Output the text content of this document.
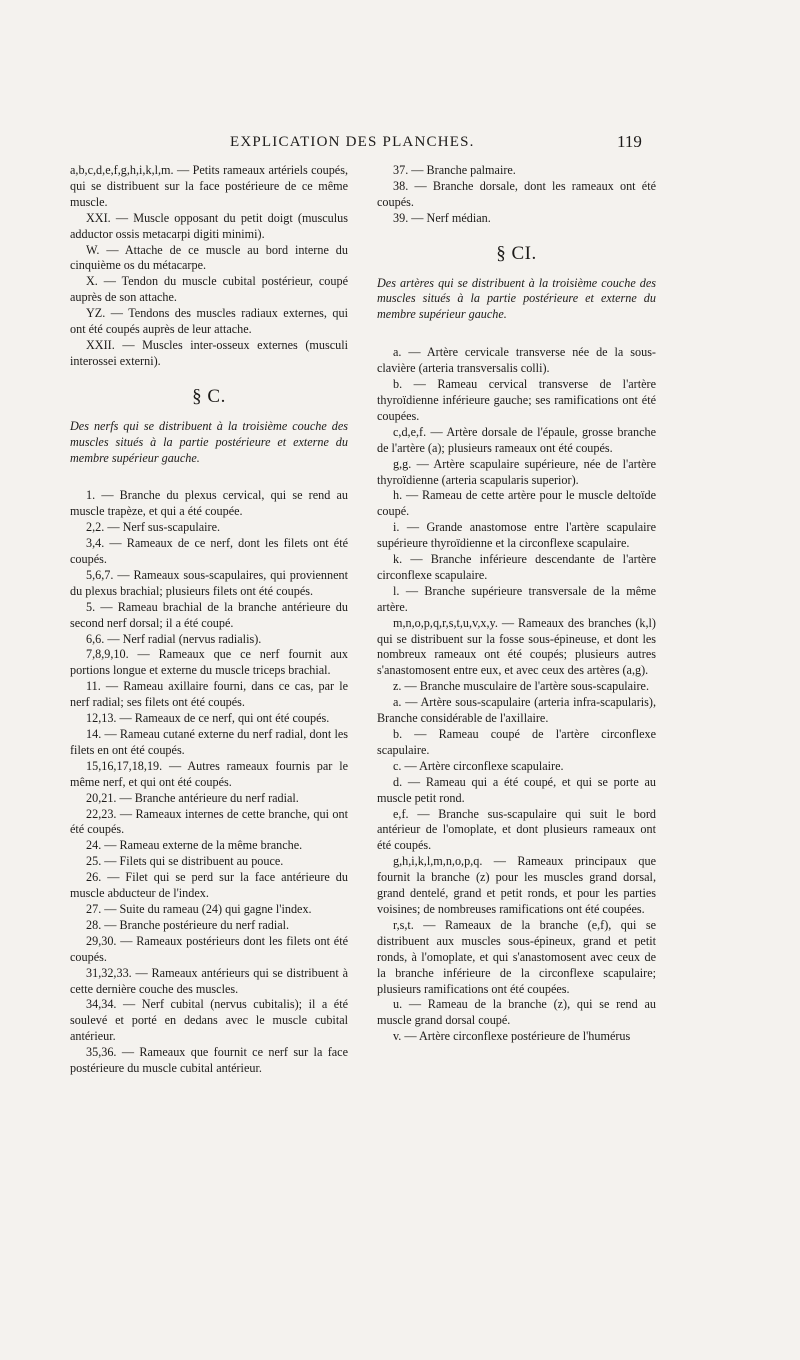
EXPLICATION DES PLANCHES.	119

a,b,c,d,e,f,g,h,i,k,l,m. — Petits rameaux artériels coupés, qui se distribuent sur la face postérieure de ce même muscle.

XXI. — Muscle opposant du petit doigt (musculus adductor ossis metacarpi digiti minimi).

W. — Attache de ce muscle au bord interne du cinquième os du métacarpe.

X. — Tendon du muscle cubital postérieur, coupé auprès de son attache.

YZ. — Tendons des muscles radiaux externes, qui ont été coupés auprès de leur attache.

XXII. — Muscles inter-osseux externes (musculi interossei externi).

§ C.

Des nerfs qui se distribuent à la troisième couche des muscles situés à la partie postérieure et externe du membre supérieur gauche.

1. — Branche du plexus cervical, qui se rend au muscle trapèze, et qui a été coupée.

2,2. — Nerf sus-scapulaire.

3,4. — Rameaux de ce nerf, dont les filets ont été coupés.

5,6,7. — Rameaux sous-scapulaires, qui proviennent du plexus brachial; plusieurs filets ont été coupés.

5. — Rameau brachial de la branche antérieure du second nerf dorsal; il a été coupé.

6,6. — Nerf radial (nervus radialis).

7,8,9,10. — Rameaux que ce nerf fournit aux portions longue et externe du muscle triceps brachial.

11. — Rameau axillaire fourni, dans ce cas, par le nerf radial; ses filets ont été coupés.

12,13. — Rameaux de ce nerf, qui ont été coupés.

14. — Rameau cutané externe du nerf radial, dont les filets en ont été coupés.

15,16,17,18,19. — Autres rameaux fournis par le même nerf, et qui ont été coupés.

20,21. — Branche antérieure du nerf radial.

22,23. — Rameaux internes de cette branche, qui ont été coupés.

24. — Rameau externe de la même branche.

25. — Filets qui se distribuent au pouce.

26. — Filet qui se perd sur la face antérieure du muscle abducteur de l'index.

27. — Suite du rameau (24) qui gagne l'index.

28. — Branche postérieure du nerf radial.

29,30. — Rameaux postérieurs dont les filets ont été coupés.

31,32,33. — Rameaux antérieurs qui se distribuent à cette dernière couche des muscles.

34,34. — Nerf cubital (nervus cubitalis); il a été soulevé et porté en dedans avec le muscle cubital antérieur.

35,36. — Rameaux que fournit ce nerf sur la face postérieure du muscle cubital antérieur.

37. — Branche palmaire.

38. — Branche dorsale, dont les rameaux ont été coupés.

39. — Nerf médian.

§ CI.

Des artères qui se distribuent à la troisième couche des muscles situés à la partie postérieure et externe du membre supérieur gauche.

a. — Artère cervicale transverse née de la sous-clavière (arteria transversalis colli).

b. — Rameau cervical transverse de l'artère thyroïdienne inférieure gauche; ses ramifications ont été coupées.

c,d,e,f. — Artère dorsale de l'épaule, grosse branche de l'artère (a); plusieurs rameaux ont été coupés.

g,g. — Artère scapulaire supérieure, née de l'artère thyroïdienne (arteria scapularis superior).

h. — Rameau de cette artère pour le muscle deltoïde coupé.

i. — Grande anastomose entre l'artère scapulaire supérieure thyroïdienne et la circonflexe scapulaire.

k. — Branche inférieure descendante de l'artère circonflexe scapulaire.

l. — Branche supérieure transversale de la même artère.

m,n,o,p,q,r,s,t,u,v,x,y. — Rameaux des branches (k,l) qui se distribuent sur la fosse sous-épineuse, et dont les nombreux rameaux ont été coupés; plusieurs autres s'anastomosent entre eux, et avec ceux des artères (a,g).

z. — Branche musculaire de l'artère sous-scapulaire.

a. — Artère sous-scapulaire (arteria infra-scapularis), Branche considérable de l'axillaire.

b. — Rameau coupé de l'artère circonflexe scapulaire.

c. — Artère circonflexe scapulaire.

d. — Rameau qui a été coupé, et qui se porte au muscle petit rond.

e,f. — Branche sus-scapulaire qui suit le bord antérieur de l'omoplate, et dont plusieurs rameaux ont été coupés.

g,h,i,k,l,m,n,o,p,q. — Rameaux principaux que fournit la branche (z) pour les muscles grand dorsal, grand dentelé, grand et petit ronds, et pour les parties voisines; de nombreuses ramifications ont été coupées.

r,s,t. — Rameaux de la branche (e,f), qui se distribuent aux muscles sous-épineux, grand et petit ronds, à l'omoplate, et qui s'anastomosent avec ceux de la branche inférieure de la circonflexe scapulaire; plusieurs ramifications ont été coupées.

u. — Rameau de la branche (z), qui se rend au muscle grand dorsal coupé.

v. — Artère circonflexe postérieure de l'humérus
